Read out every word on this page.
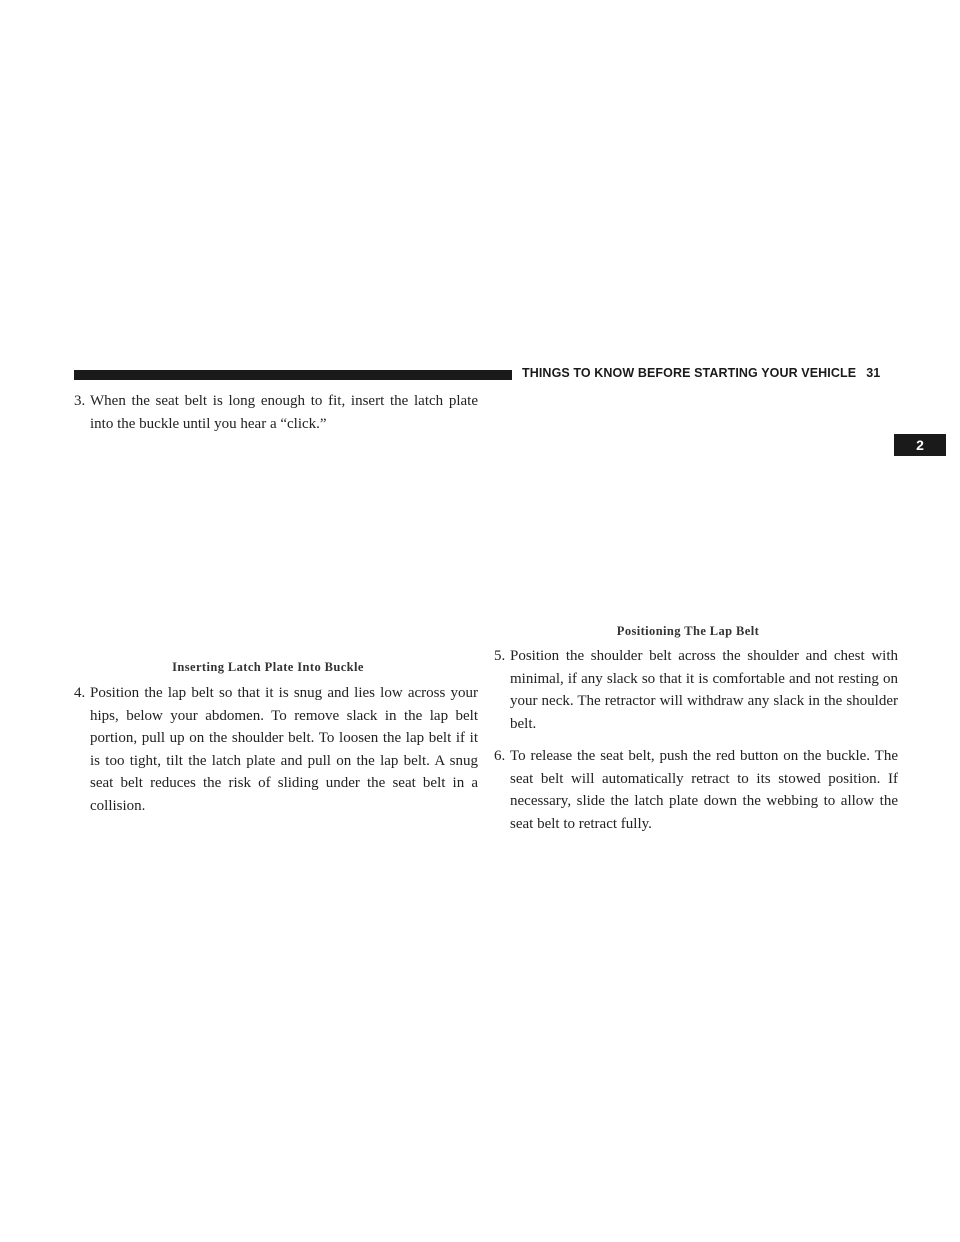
THINGS TO KNOW BEFORE STARTING YOUR VEHICLE 31
2
3. When the seat belt is long enough to fit, insert the latch plate into the buckle until you hear a “click.”
Inserting Latch Plate Into Buckle
4. Position the lap belt so that it is snug and lies low across your hips, below your abdomen. To remove slack in the lap belt portion, pull up on the shoulder belt. To loosen the lap belt if it is too tight, tilt the latch plate and pull on the lap belt. A snug seat belt reduces the risk of sliding under the seat belt in a collision.
Positioning The Lap Belt
5. Position the shoulder belt across the shoulder and chest with minimal, if any slack so that it is comfortable and not resting on your neck. The retractor will withdraw any slack in the shoulder belt.
6. To release the seat belt, push the red button on the buckle. The seat belt will automatically retract to its stowed position. If necessary, slide the latch plate down the webbing to allow the seat belt to retract fully.
